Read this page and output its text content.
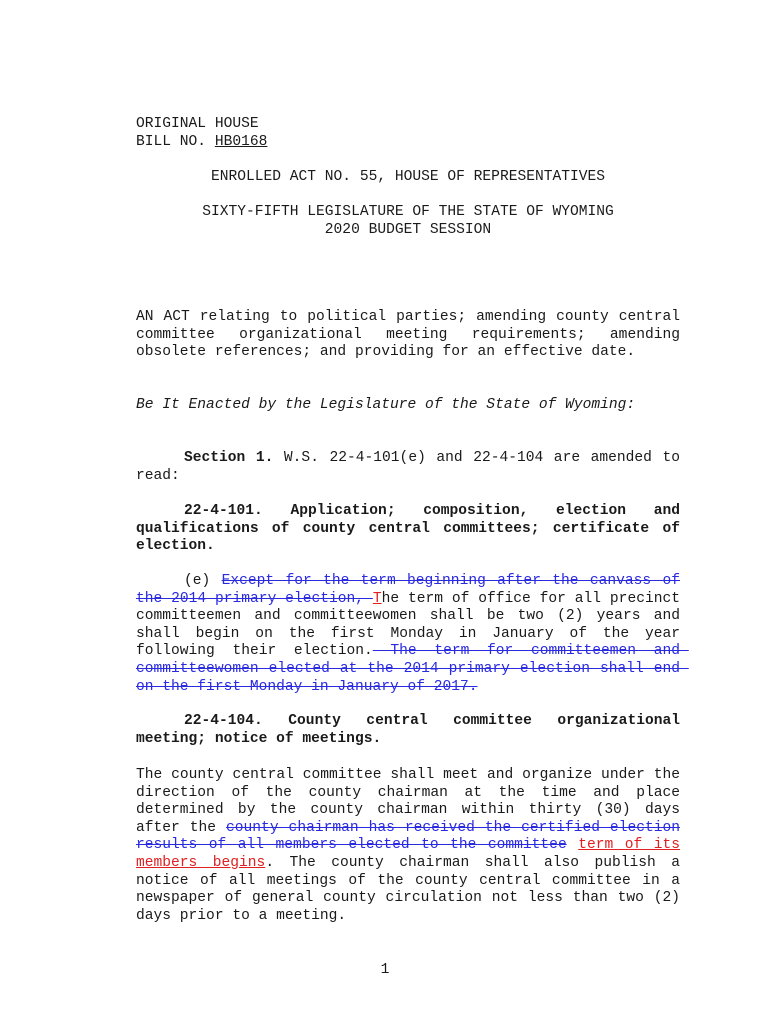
ORIGINAL HOUSE

BILL NO. HB0168

ENROLLED ACT NO. 55, HOUSE OF REPRESENTATIVES

SIXTY-FIFTH LEGISLATURE OF THE STATE OF WYOMING

2020 BUDGET SESSION

AN ACT relating to political parties; amending county central committee organizational meeting requirements; amending obsolete references; and providing for an effective date.
Be It Enacted by the Legislature of the State of Wyoming:
Section 1. W.S. 22-4-101(e) and 22-4-104 are amended to read:
22-4-101. Application; composition, election and qualifications of county central committees; certificate of election.
(e) Except for the term beginning after the canvass of the 2014 primary election, The term of office for all precinct committeemen and committeewomen shall be two (2) years and shall begin on the first Monday in January of the year following their election. The term for committeemen and committeewomen elected at the 2014 primary election shall end on the first Monday in January of 2017.
22-4-104. County central committee organizational meeting; notice of meetings.
The county central committee shall meet and organize under the direction of the county chairman at the time and place determined by the county chairman within thirty (30) days after the county chairman has received the certified election results of all members elected to the committee term of its members begins. The county chairman shall also publish a notice of all meetings of the county central committee in a newspaper of general county circulation not less than two (2) days prior to a meeting.
1
